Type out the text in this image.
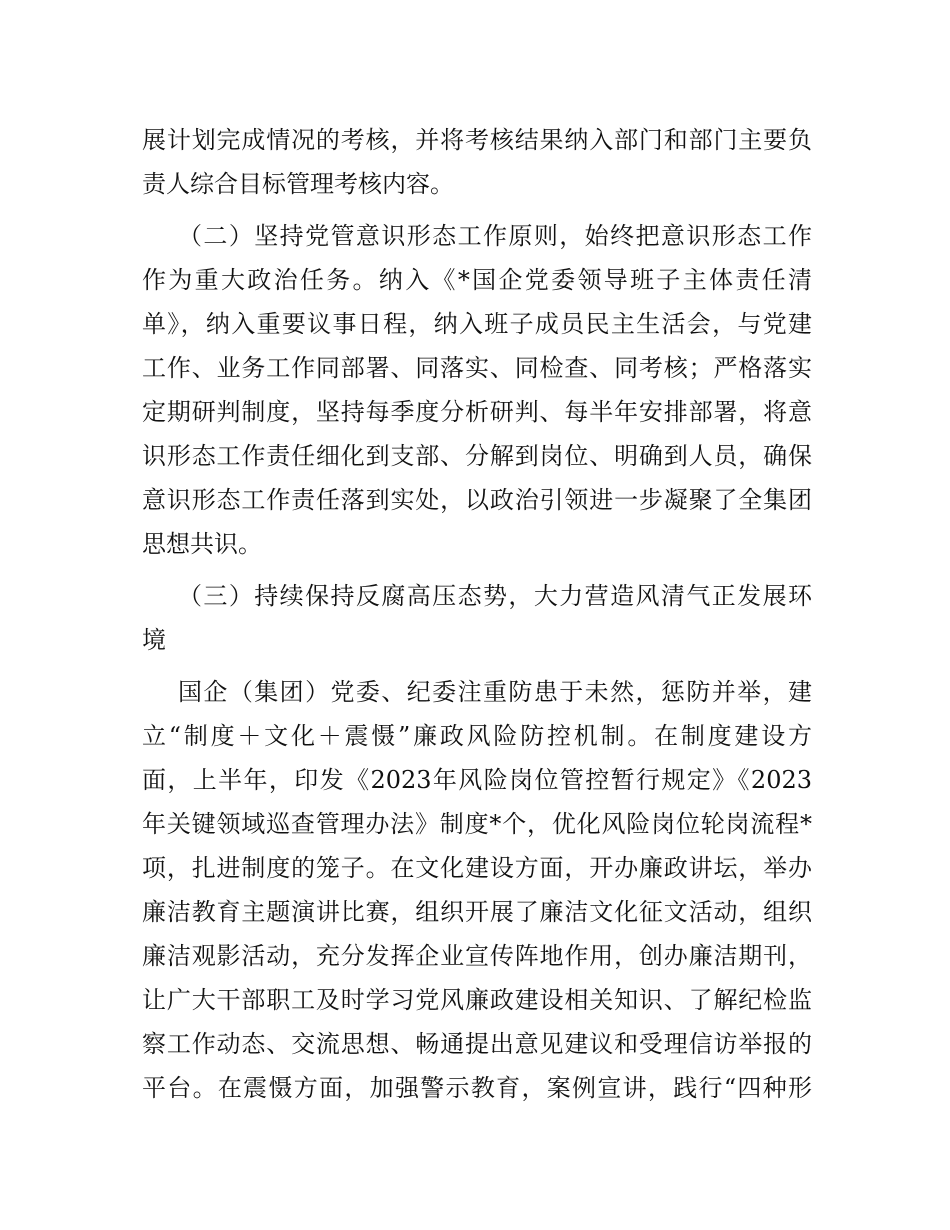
展计划完成情况的考核，并将考核结果纳入部门和部门主要负
责人综合目标管理考核内容。
（二）坚持党管意识形态工作原则，始终把意识形态工作
作为重大政治任务。纳入《*国企党委领导班子主体责任清
单》，纳入重要议事日程，纳入班子成员民主生活会，与党建
工作、业务工作同部署、同落实、同检查、同考核；严格落实
定期研判制度，坚持每季度分析研判、每半年安排部署，将意
识形态工作责任细化到支部、分解到岗位、明确到人员，确保
意识形态工作责任落到实处，以政治引领进一步凝聚了全集团
思想共识。
（三）持续保持反腐高压态势，大力营造风清气正发展环
境
国企（集团）党委、纪委注重防患于未然，惩防并举，建
立“制度＋文化＋震慑”廉政风险防控机制。在制度建设方
面，上半年，印发《2023年风险岗位管控暂行规定》《2023
年关键领域巡查管理办法》制度*个，优化风险岗位轮岗流程*
项，扎进制度的笼子。在文化建设方面，开办廉政讲坛，举办
廉洁教育主题演讲比赛，组织开展了廉洁文化征文活动，组织
廉洁观影活动，充分发挥企业宣传阵地作用，创办廉洁期刊，
让广大干部职工及时学习党风廉政建设相关知识、了解纪检监
察工作动态、交流思想、畅通提出意见建议和受理信访举报的
平台。在震慑方面，加强警示教育，案例宣讲，践行“四种形
